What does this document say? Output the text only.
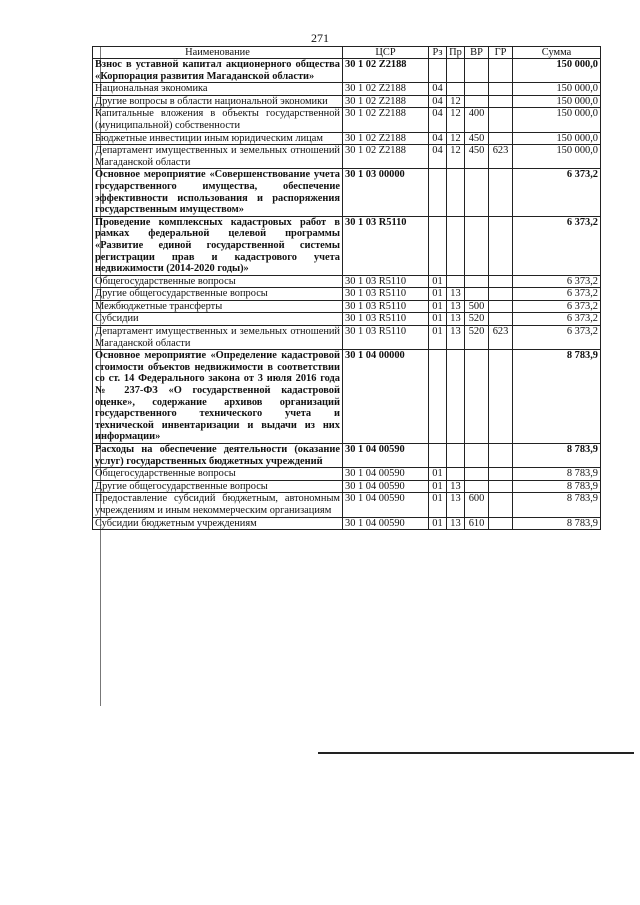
271
Наименование	ЦСР	Рз	Пр	ВР	ГР	Сумма
Взнос в уставной капитал акционерного общества «Корпорация развития Магаданской области»	30 1 02 Z2188					150 000,0
Национальная экономика	30 1 02 Z2188	04				150 000,0
Другие вопросы в области национальной экономики	30 1 02 Z2188	04	12			150 000,0
Капитальные вложения в объекты государственной (муниципальной) собственности	30 1 02 Z2188	04	12	400		150 000,0
Бюджетные инвестиции иным юридическим лицам	30 1 02 Z2188	04	12	450		150 000,0
Департамент имущественных и земельных отношений Магаданской области	30 1 02 Z2188	04	12	450	623	150 000,0
Основное мероприятие «Совершенствование учета государственного имущества, обеспечение эффективности использования и распоряжения государственным имуществом»	30 1 03 00000					6 373,2
Проведение комплексных кадастровых работ в рамках федеральной целевой программы «Развитие единой государственной системы регистрации прав и кадастрового учета недвижимости (2014-2020 годы)»	30 1 03 R5110					6 373,2
Общегосударственные вопросы	30 1 03 R5110	01				6 373,2
Другие общегосударственные вопросы	30 1 03 R5110	01	13			6 373,2
Межбюджетные трансферты	30 1 03 R5110	01	13	500		6 373,2
Субсидии	30 1 03 R5110	01	13	520		6 373,2
Департамент имущественных и земельных отношений Магаданской области	30 1 03 R5110	01	13	520	623	6 373,2
Основное мероприятие «Определение кадастровой стоимости объектов недвижимости в соответствии со ст. 14 Федерального закона от 3 июля 2016 года № 237-ФЗ «О государственной кадастровой оценке», содержание архивов организаций государственного технического учета и технической инвентаризации и выдачи из них информации»	30 1 04 00000					8 783,9
Расходы на обеспечение деятельности (оказание услуг) государственных бюджетных учреждений	30 1 04 00590					8 783,9
Общегосударственные вопросы	30 1 04 00590	01				8 783,9
Другие общегосударственные вопросы	30 1 04 00590	01	13			8 783,9
Предоставление субсидий бюджетным, автономным учреждениям и иным некоммерческим организациям	30 1 04 00590	01	13	600		8 783,9
Субсидии бюджетным учреждениям	30 1 04 00590	01	13	610		8 783,9
